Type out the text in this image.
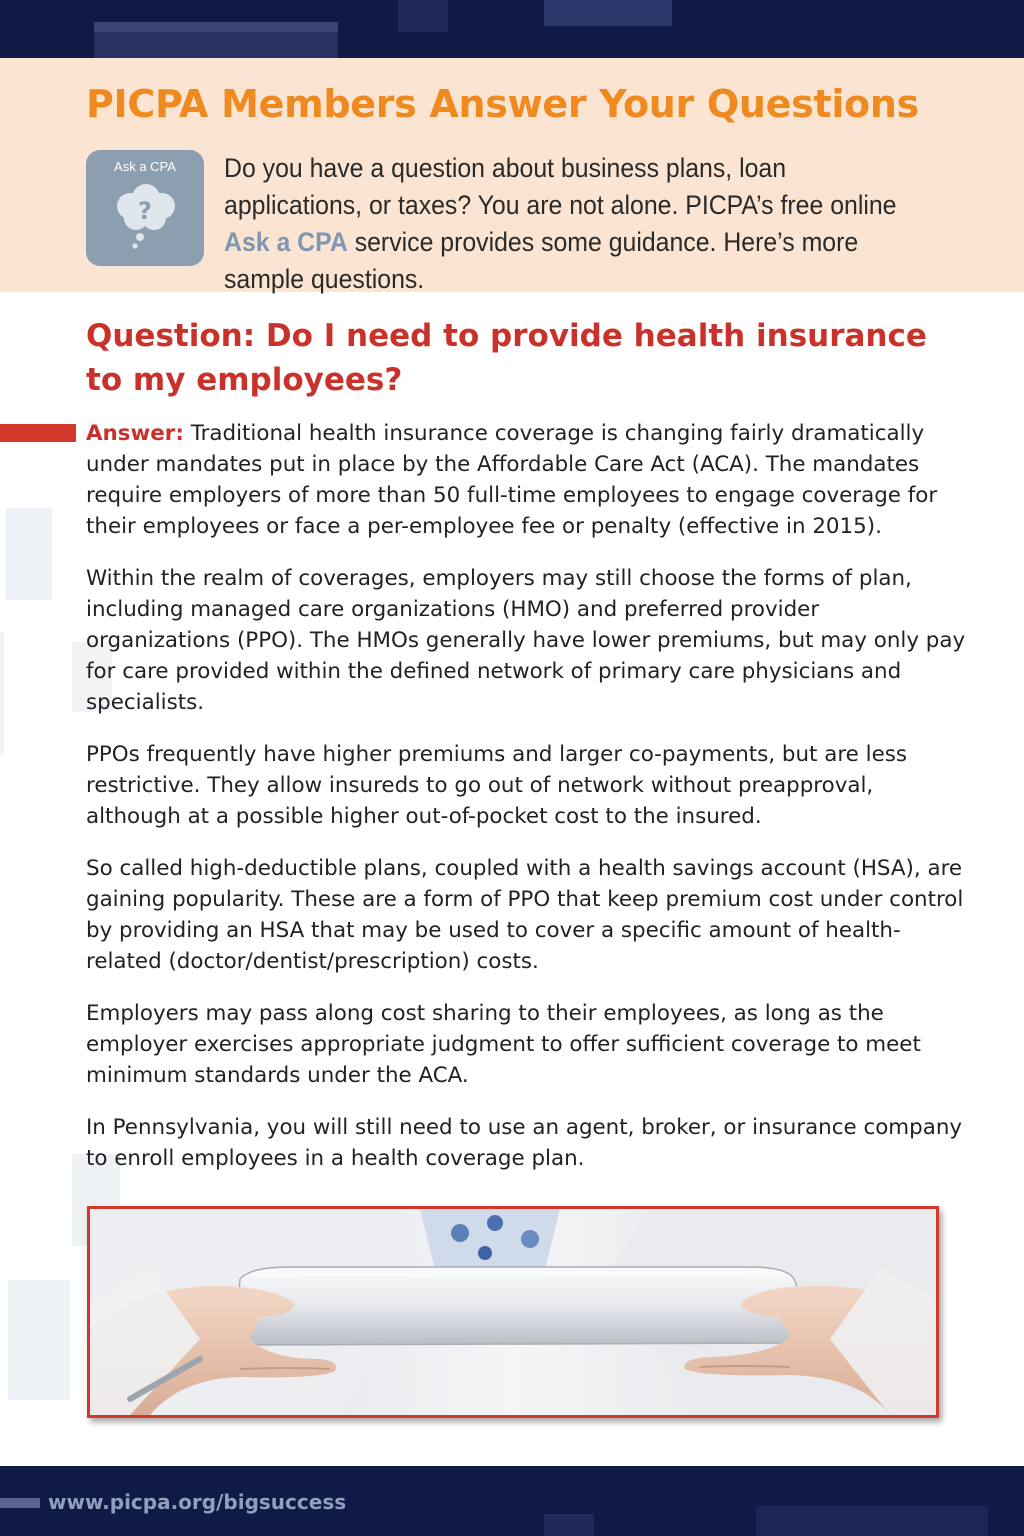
PICPA Members Answer Your Questions
Ask a CPA
?

Do you have a question about business plans, loan applications, or taxes? You are not alone. PICPA’s free online Ask a CPA service provides some guidance. Here’s more sample questions.

Question: Do I need to provide health insurance to my employees?

Answer: Traditional health insurance coverage is changing fairly dramatically under mandates put in place by the Affordable Care Act (ACA). The mandates require employers of more than 50 full-time employees to engage coverage for their employees or face a per-employee fee or penalty (effective in 2015).

Within the realm of coverages, employers may still choose the forms of plan, including managed care organizations (HMO) and preferred provider organizations (PPO). The HMOs generally have lower premiums, but may only pay for care provided within the defined network of primary care physicians and specialists.

PPOs frequently have higher premiums and larger co-payments, but are less restrictive. They allow insureds to go out of network without preapproval, although at a possible higher out-of-pocket cost to the insured.

So called high-deductible plans, coupled with a health savings account (HSA), are gaining popularity. These are a form of PPO that keep premium cost under control by providing an HSA that may be used to cover a specific amount of health-related (doctor/dentist/prescription) costs.

Employers may pass along cost sharing to their employees, as long as the employer exercises appropriate judgment to offer sufficient coverage to meet minimum standards under the ACA.

In Pennsylvania, you will still need to use an agent, broker, or insurance company to enroll employees in a health coverage plan.

www.picpa.org/bigsuccess
